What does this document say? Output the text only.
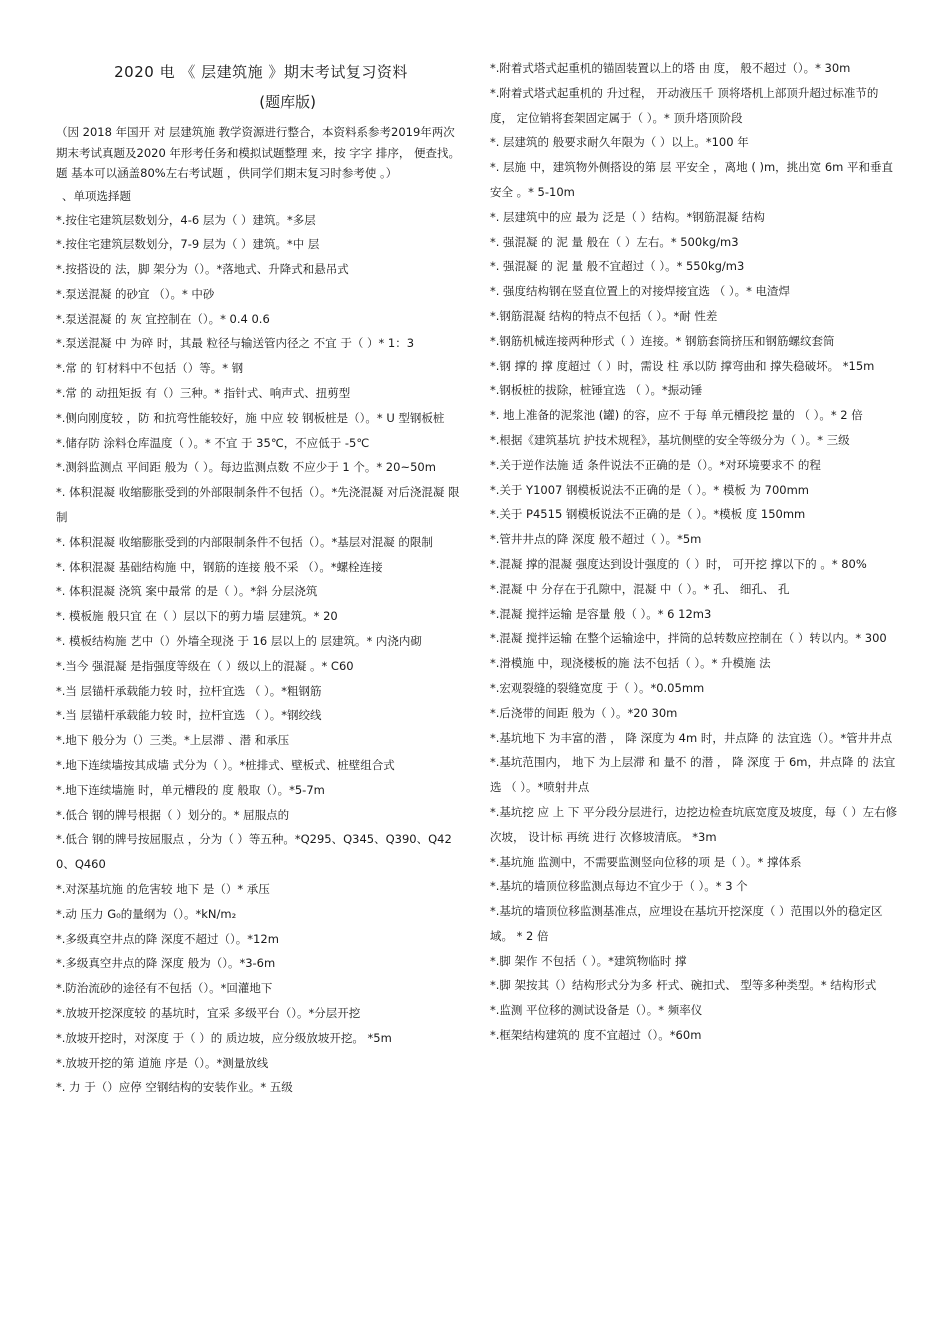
2020 电 《 层建筑施 》期末考试复习资料
(题库版)
（因 2018 年国开 对 层建筑施 教学资源进行整合，本资料系参考2019年两次期末考试真题及2020 年形考任务和模拟试题整理 来，按 字字 排序， 便查找。题 基本可以涵盖80%左右考试题 ，供同学们期末复习时参考使 。）
、单项选择题

*.按住宅建筑层数划分，4-6 层为（ ）建筑。*多层

*.按住宅建筑层数划分，7-9 层为（ ）建筑。*中 层

*.按搭设的 法，脚 架分为（）。*落地式、升降式和悬吊式

*.泵送混凝 的砂宜 （）。* 中砂

*.泵送混凝 的 灰 宜控制在（）。* 0.4 0.6

*.泵送混凝 中 为碎 时，其最 粒径与输送管内径之 不宜 于（ ）* 1：3

*.常 的 钉材料中不包括（）等。* 钢

*.常 的 动扭矩扳 有（）三种。* 指针式、响声式、扭剪型

*.侧向刚度较 ，防 和抗弯性能较好，施 中应 较 钢板桩是（）。* U 型钢板桩

*.储存防 涂料仓库温度（ ）。* 不宜 于 35℃，不应低于 -5℃

*.测斜监测点 平间距 般为（ ）。每边监测点数 不应少于 1 个。* 20~50m

*. 体积混凝 收缩膨胀受到的外部限制条件不包括（）。*先浇混凝 对后浇混凝 限制

*. 体积混凝 收缩膨胀受到的内部限制条件不包括（）。*基层对混凝 的限制

*. 体积混凝 基础结构施 中，钢筋的连接 般不采 （）。*螺栓连接

*. 体积混凝 浇筑 案中最常 的是（ ）。*斜 分层浇筑

*. 模板施 般只宜 在（ ）层以下的剪力墙 层建筑。* 20

*. 模板结构施 艺中（）外墙全现浇 于 16 层以上的 层建筑。* 内浇内砌

*.当今 强混凝 是指强度等级在（ ）级以上的混凝 。* C60

*.当 层锚杆承载能力较 时，拉杆宜选 （ ）。*粗钢筋

*.当 层锚杆承载能力较 时，拉杆宜选 （ ）。*钢绞线

*.地下 般分为（）三类。*上层滞 、潜 和承压

*.地下连续墙按其成墙 式分为（ ）。*桩排式、壁板式、桩壁组合式

*.地下连续墙施 时，单元槽段的 度 般取（）。*5-7m

*.低合 钢的牌号根据（ ）划分的。* 屈服点的

*.低合 钢的牌号按屈服点 ，分为（ ）等五种。*Q295、Q345、Q390、Q420、Q460

*.对深基坑施 的危害较 地下 是（）* 承压

*.动 压力 G₀的量纲为（）。*kN/m₂

*.多级真空井点的降 深度不超过（）。*12m

*.多级真空井点的降 深度 般为（）。*3-6m

*.防治流砂的途径有不包括（）。*回灌地下

*.放坡开挖深度较 的基坑时，宜采 多级平台（）。*分层开挖

*.放坡开挖时，对深度 于（ ）的 质边坡，应分级放坡开挖。 *5m

*.放坡开挖的第 道施 序是（）。*测量放线

*. 力 于（）应停 空钢结构的安装作业。* 五级

*.附着式塔式起重机的锚固装置以上的塔 由 度， 般不超过（）。* 30m

*.附着式塔式起重机的 升过程， 开动液压千 顶将塔机上部顶升超过标准节的 度， 定位销将套架固定属于（ ）。* 顶升塔顶阶段

*. 层建筑的 般要求耐久年限为（ ）以上。*100 年

*. 层施 中，建筑物外侧搭设的第 层 平安全 ，离地 ( )m，挑出宽 6m 平和垂直安全 。* 5-10m

*. 层建筑中的应 最为 泛是（ ）结构。*钢筋混凝 结构

*. 强混凝 的 泥 量 般在（ ）左右。* 500kg/m3

*. 强混凝 的 泥 量 般不宜超过（ ）。* 550kg/m3

*. 强度结构钢在竖直位置上的对接焊接宜选 （ ）。* 电渣焊

*.钢筋混凝 结构的特点不包括（ ）。*耐 性差

*.钢筋机械连接两种形式（ ）连接。* 钢筋套筒挤压和钢筋螺纹套筒

*.钢 撑的 撑 度超过（ ）时，需设 柱 承以防 撑弯曲和 撑失稳破坏。 *15m

*.钢板桩的拔除，桩锤宜选 （ ）。*振动锤

*. 地上准备的泥浆池 (罐) 的容，应不 于每 单元槽段挖 量的 （ ）。* 2 倍

*.根据《建筑基坑 护技术规程》，基坑侧壁的安全等级分为（ ）。* 三级

*.关于逆作法施 适 条件说法不正确的是（）。*对环境要求不 的程

*.关于 Y1007 钢模板说法不正确的是（ ）。* 模板 为 700mm

*.关于 P4515 钢模板说法不正确的是（ ）。*模板 度 150mm

*.管井井点的降 深度 般不超过（ ）。*5m

*.混凝 撑的混凝 强度达到设计强度的（ ）时， 可开挖 撑以下的 。* 80%

*.混凝 中 分存在于孔隙中，混凝 中（ ）。* 孔、 细孔、 孔

*.混凝 搅拌运输 是容量 般（ ）。* 6 12m3

*.混凝 搅拌运输 在整个运输途中，拌筒的总转数应控制在（ ）转以内。* 300

*.滑模施 中，现浇楼板的施 法不包括（ ）。* 升模施 法

*.宏观裂缝的裂缝宽度 于（ ）。*0.05mm

*.后浇带的间距 般为（ ）。*20 30m

*.基坑地下 为丰富的潜 ， 降 深度为 4m 时，井点降 的 法宜选（）。*管井井点

*.基坑范围内， 地下 为上层滞 和 量不 的潜 ， 降 深度 于 6m，井点降 的 法宜选 （ ）。*喷射井点

*.基坑挖 应 上 下 平分段分层进行，边挖边检查坑底宽度及坡度，每（ ）左右修 次坡， 设计标 再统 进行 次修坡清底。 *3m

*.基坑施 监测中，不需要监测竖向位移的项 是（ ）。* 撑体系

*.基坑的墙顶位移监测点每边不宜少于（ ）。* 3 个

*.基坑的墙顶位移监测基准点，应埋设在基坑开挖深度（ ）范围以外的稳定区域。 * 2 倍

*.脚 架作 不包括（ ）。*建筑物临时 撑

*.脚 架按其（）结构形式分为多 杆式、碗扣式、 型等多种类型。* 结构形式

*.监测 平位移的测试设备是（）。* 频率仪

*.框架结构建筑的 度不宜超过（）。*60m
